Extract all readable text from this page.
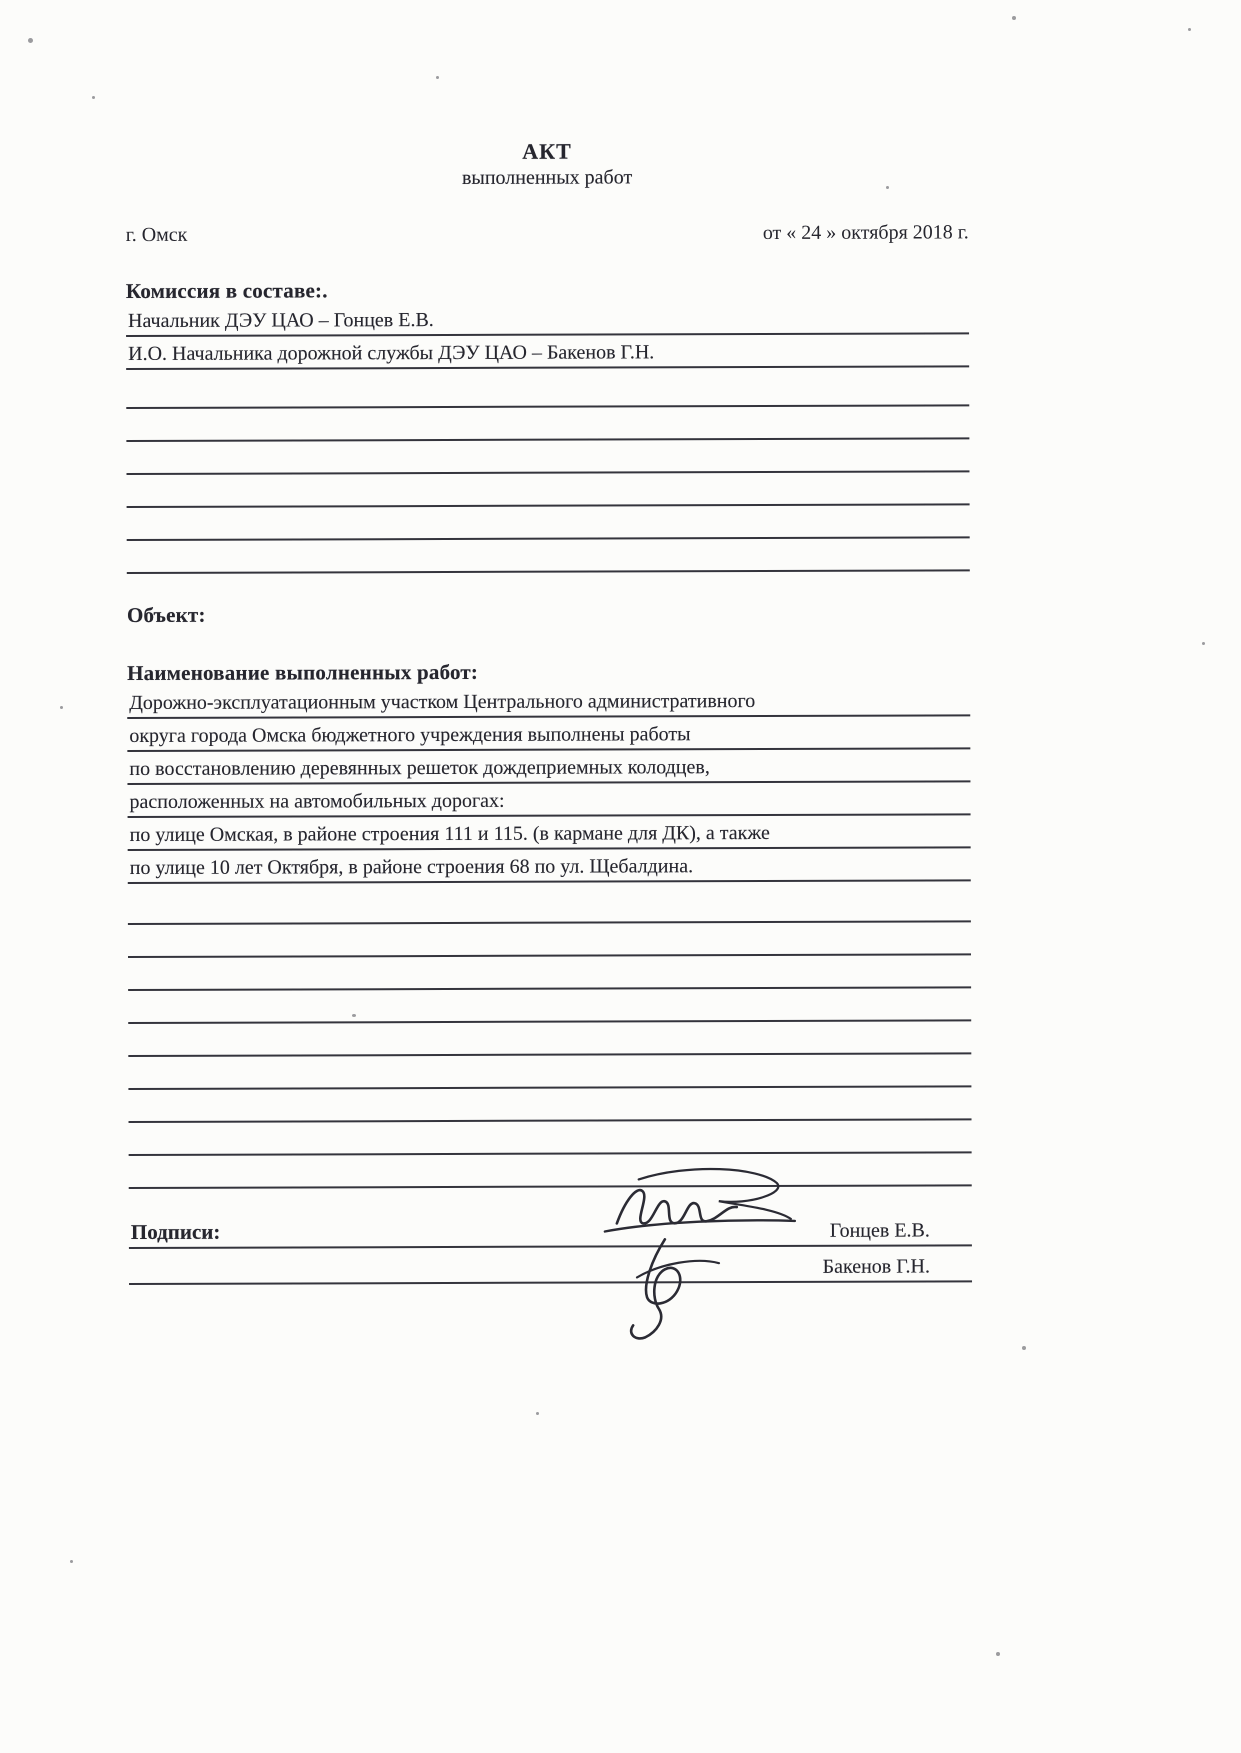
АКТ
выполненных работ
г. Омск	от « 24 » октября 2018 г.
Комиссия в составе:.
Начальник ДЭУ ЦАО – Гонцев Е.В.
И.О. Начальника дорожной службы ДЭУ ЦАО – Бакенов Г.Н.
Объект:
Наименование выполненных работ:
Дорожно-эксплуатационным участком Центрального административного
округа города Омска бюджетного учреждения выполнены работы
по восстановлению деревянных решеток дождеприемных колодцев,
расположенных на автомобильных дорогах:
по улице Омская, в районе строения 111 и 115. (в кармане для ДК), а также
по улице 10 лет Октября, в районе строения 68 по ул. Щебалдина.
Подписи:	Гонцев Е.В.
Бакенов Г.Н.
